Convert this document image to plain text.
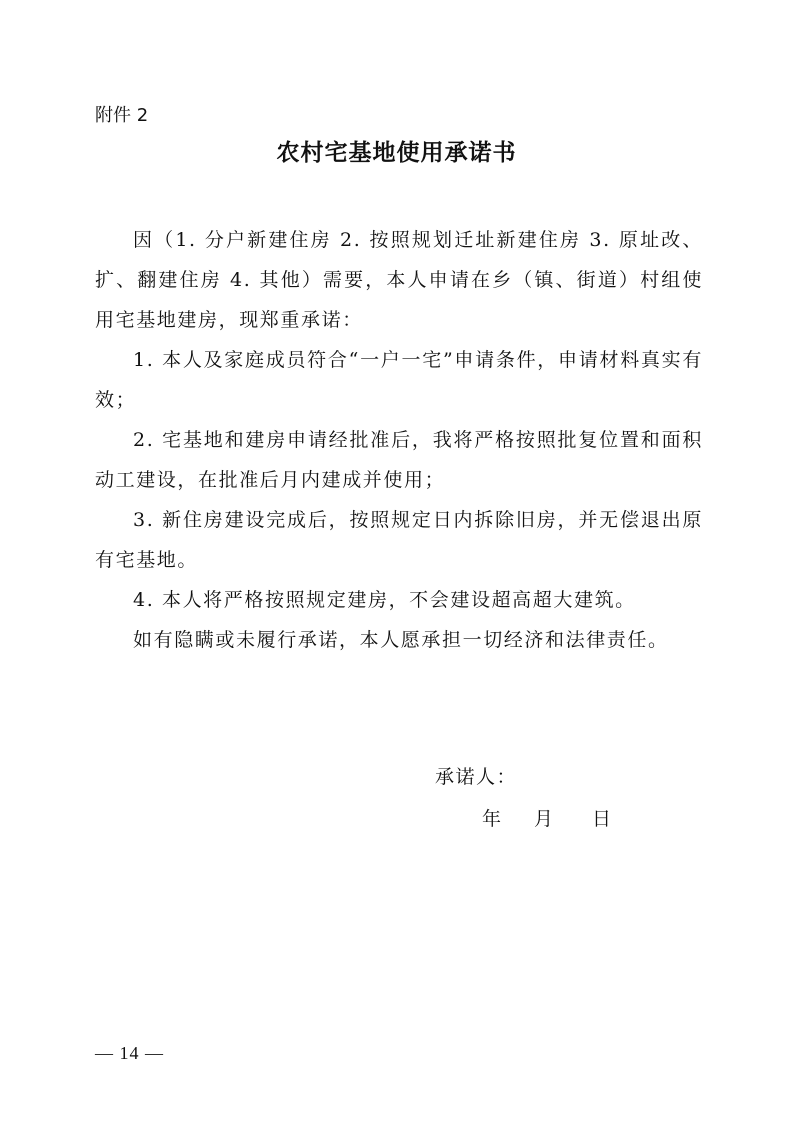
附件 2
农村宅基地使用承诺书

因（1. 分户新建住房 2. 按照规划迁址新建住房 3. 原址改、扩、翻建住房 4. 其他）需要，本人申请在乡（镇、街道）村组使用宅基地建房，现郑重承诺：

1. 本人及家庭成员符合“一户一宅”申请条件，申请材料真实有效；

2. 宅基地和建房申请经批准后，我将严格按照批复位置和面积动工建设，在批准后月内建成并使用；

3. 新住房建设完成后，按照规定日内拆除旧房，并无偿退出原有宅基地。

4. 本人将严格按照规定建房，不会建设超高超大建筑。

如有隐瞒或未履行承诺，本人愿承担一切经济和法律责任。

承诺人：
年	月	日
— 14 —
